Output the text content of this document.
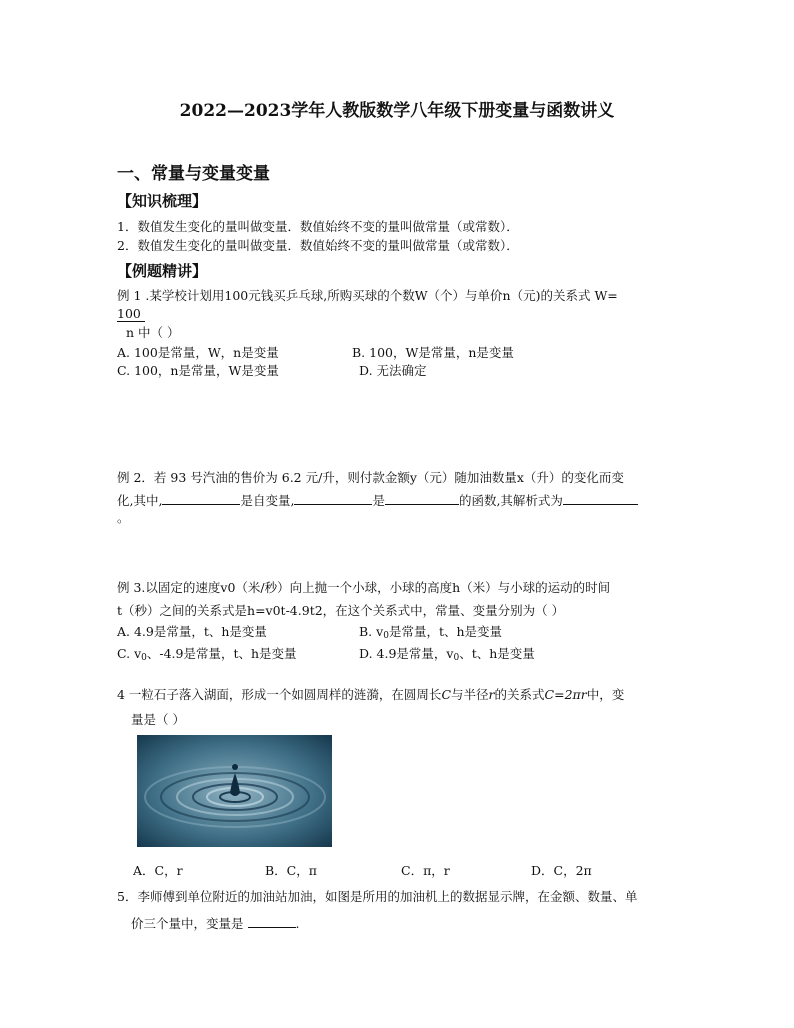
2022—2023学年人教版数学八年级下册变量与函数讲义
一、常量与变量变量
【知识梳理】
1．数值发生变化的量叫做变量．数值始终不变的量叫做常量（或常数）．
2．数值发生变化的量叫做变量．数值始终不变的量叫做常量（或常数）．
【例题精讲】
例 1 .某学校计划用100元钱买乒乓球,所购买球的个数W（个）与单价n（元)的关系式 W=
100
n 中（ ）
A. 100是常量，W，n是变量	B. 100，W是常量，n是变量
C. 100，n是常量，W是变量	D. 无法确定
例 2．若 93 号汽油的售价为 6.2 元/升，则付款金额y（元）随加油数量x（升）的变化而变
化,其中,	是自变量,	是	的函数,其解析式为
。
例 3.以固定的速度v0（米/秒）向上抛一个小球，小球的高度h（米）与小球的运动的时间
t（秒）之间的关系式是h=v0t-4.9t2，在这个关系式中，常量、变量分别为（ ）
A. 4.9是常量，t、h是变量	B. $v_0$是常量，t、h是变量
C. $v_0$、-4.9是常量，t、h是变量	D. 4.9是常量，$v_0$、t、h是变量
4 一粒石子落入湖面，形成一个如圆周样的涟漪，在圆周长C与半径r的关系式C=2πr中，变
量是（ ）
A．C，r	B．C，π	C．π，r	D．C，2π
5．李师傅到单位附近的加油站加油，如图是所用的加油机上的数据显示牌，在金额、数量、单
价三个量中，变量是	.
